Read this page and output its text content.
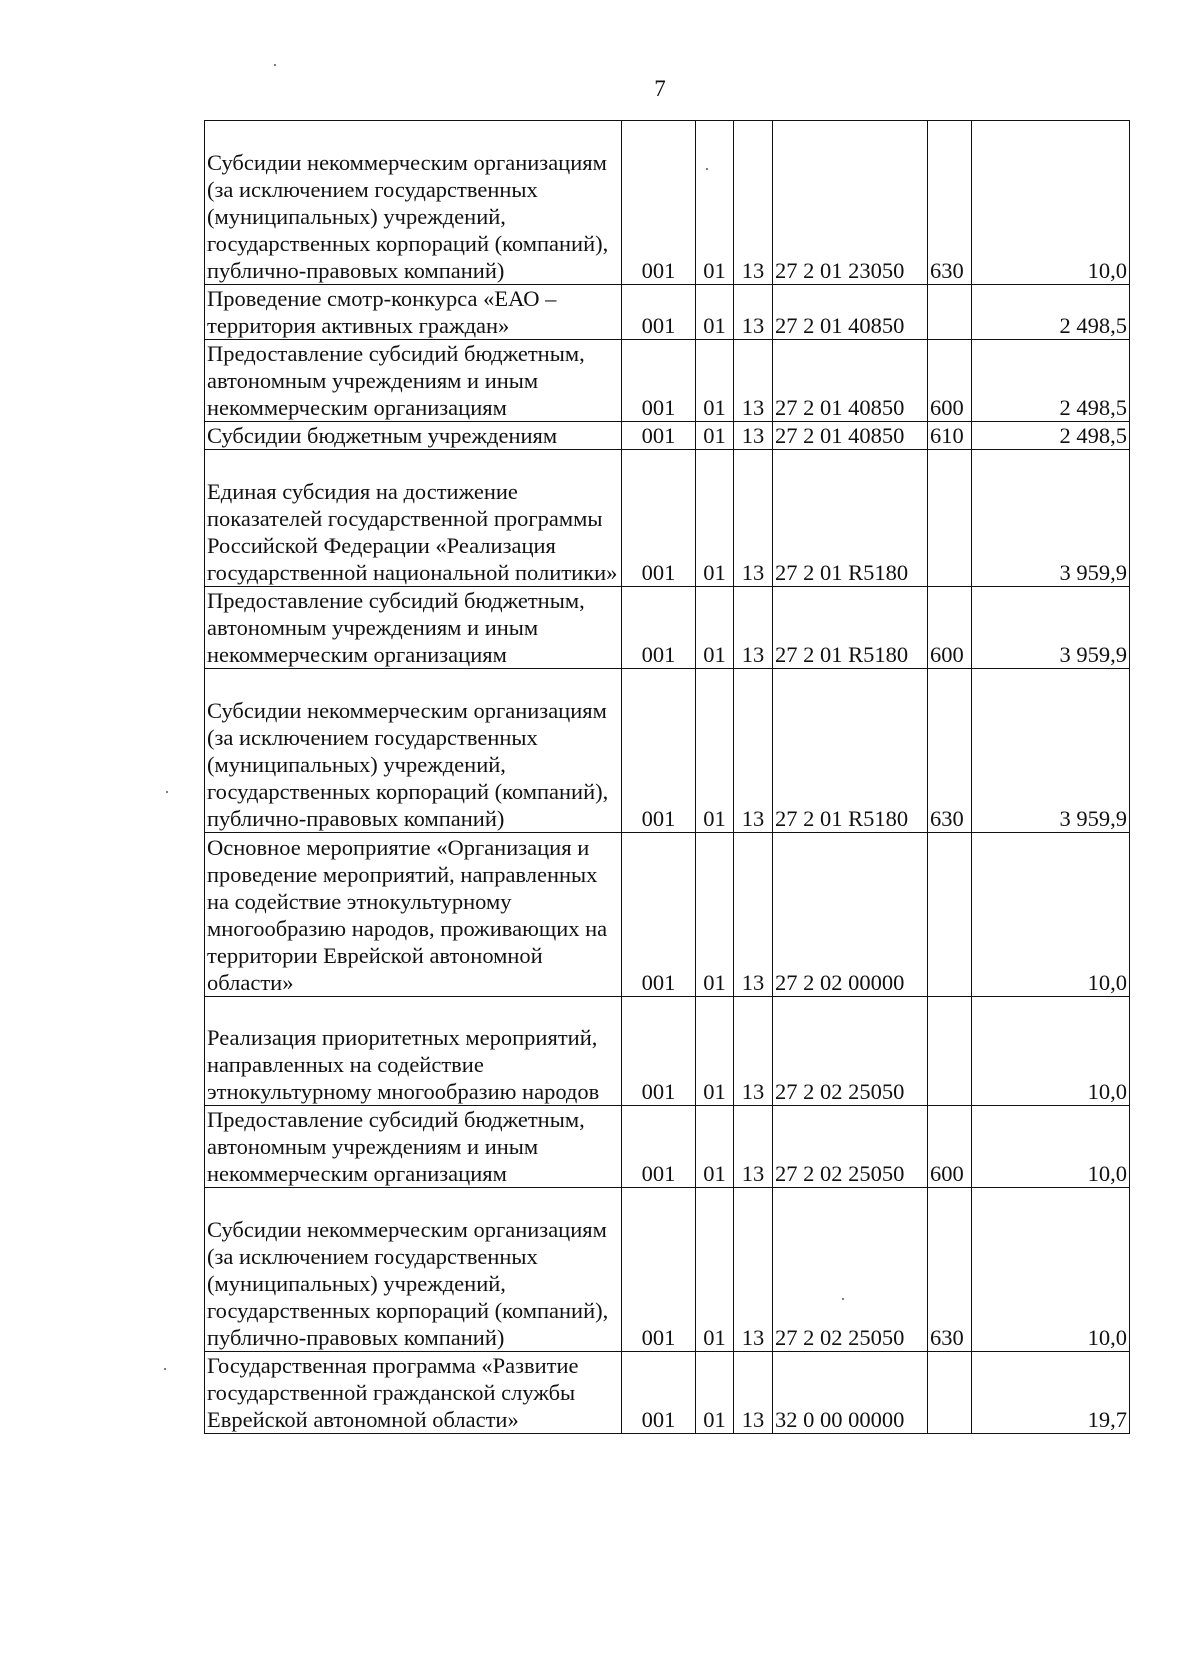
7
Субсидии некоммерческим организациям (за исключением государственных (муниципальных) учреждений, государственных корпораций (компаний), публично-правовых компаний)	001	01	13	27 2 01 23050	630	10,0
Проведение смотр-конкурса «ЕАО – территория активных граждан»	001	01	13	27 2 01 40850		2 498,5
Предоставление субсидий бюджетным, автономным учреждениям и иным некоммерческим организациям	001	01	13	27 2 01 40850	600	2 498,5
Субсидии бюджетным учреждениям	001	01	13	27 2 01 40850	610	2 498,5
Единая субсидия на достижение показателей государственной программы Российской Федерации «Реализация государственной национальной политики»	001	01	13	27 2 01 R5180		3 959,9
Предоставление субсидий бюджетным, автономным учреждениям и иным некоммерческим организациям	001	01	13	27 2 01 R5180	600	3 959,9
Субсидии некоммерческим организациям (за исключением государственных (муниципальных) учреждений, государственных корпораций (компаний), публично-правовых компаний)	001	01	13	27 2 01 R5180	630	3 959,9
Основное мероприятие «Организация и проведение мероприятий, направленных на содействие этнокультурному многообразию народов, проживающих на территории Еврейской автономной области»	001	01	13	27 2 02 00000		10,0
Реализация приоритетных мероприятий, направленных на содействие этнокультурному многообразию народов	001	01	13	27 2 02 25050		10,0
Предоставление субсидий бюджетным, автономным учреждениям и иным некоммерческим организациям	001	01	13	27 2 02 25050	600	10,0
Субсидии некоммерческим организациям (за исключением государственных (муниципальных) учреждений, государственных корпораций (компаний), публично-правовых компаний)	001	01	13	27 2 02 25050	630	10,0
Государственная программа «Развитие государственной гражданской службы Еврейской автономной области»	001	01	13	32 0 00 00000		19,7
